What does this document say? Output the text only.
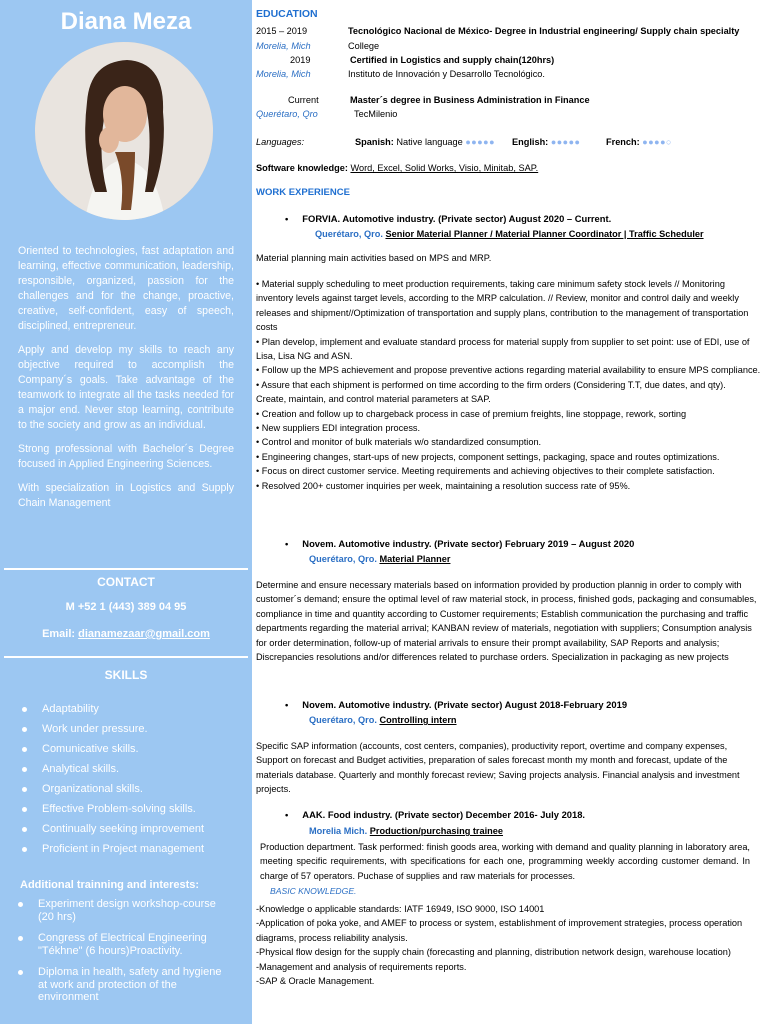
Diana Meza

Oriented to technologies, fast adaptation and learning, effective communication, leadership, responsible, organized, passion for the challenges and for the change, proactive, creative, self-confident, easy of speech, disciplined, entrepreneur.

Apply and develop my skills to reach any objective required to accomplish the Company´s goals. Take advantage of the teamwork to integrate all the tasks needed for a major end. Never stop learning, contribute to the society and grow as an individual.

Strong professional with Bachelor´s Degree focused in Applied Engineering Sciences.

With specialization in Logistics and Supply Chain Management

CONTACT
M +52 1 (443) 389 04 95
Email: dianamezaar@gmail.com
SKILLS
Adaptability
Work under pressure.
Comunicative skills.
Analytical skills.
Organizational skills.
Effective Problem-solving skills.
Continually seeking improvement
Proficient in Project management
Additional trainning and interests:
Experiment design workshop-course (20 hrs)
Congress of Electrical Engineering "Tékhne" (6 hours)Proactivity.
Diploma in health, safety and hygiene at work and protection of the environment
EDUCATION
2015 – 2019	Tecnológico Nacional de México- Degree in Industrial engineering/ Supply chain specialty
Morelia, Mich	College
2019	Certified in Logistics and supply chain(120hrs)
Morelia, Mich	Instituto de Innovación y Desarrollo Tecnológico.
Current	Master´s degree in Business Administration in Finance
Querétaro, Qro	TecMilenio
Languages:	Spanish: Native language ●●●●● English: ●●●●●	French: ●●●●○
Software knowledge: Word, Excel, Solid Works, Visio, Minitab, SAP.
WORK EXPERIENCE
• FORVIA. Automotive industry. (Private sector) August 2020 – Current.
Querétaro, Qro. Senior Material Planner / Material Planner Coordinator | Traffic Scheduler
Material planning main activities based on MPS and MRP.
• Material supply scheduling to meet production requirements, taking care minimum safety stock levels // Monitoring inventory levels against target levels, according to the MRP calculation. // Review, monitor and control daily and weekly releases and shipment//Optimization of transportation and supply plans, contribution to the management of transportation costs
• Plan develop, implement and evaluate standard process for material supply from supplier to set point: use of EDI, use of Lisa, Lisa NG and ASN.
• Follow up the MPS achievement and propose preventive actions regarding material availability to ensure MPS compliance.
• Assure that each shipment is performed on time according to the firm orders (Considering T.T, due dates, and qty).
Create, maintain, and control material parameters at SAP.
• Creation and follow up to chargeback process in case of premium freights, line stoppage, rework, sorting
• New suppliers EDI integration process.
• Control and monitor of bulk materials w/o standardized consumption.
• Engineering changes, start-ups of new projects, component settings, packaging, space and routes optimizations.
• Focus on direct customer service. Meeting requirements and achieving objectives to their complete satisfaction.
• Resolved 200+ customer inquiries per week, maintaining a resolution success rate of 95%.
• Novem. Automotive industry. (Private sector) February 2019 – August 2020
Querétaro, Qro. Material Planner
Determine and ensure necessary materials based on information provided by production plannig in order to comply with customer´s demand; ensure the optimal level of raw material stock, in process, finished gods, packaging and consumables, compliance in time and quantity according to Customer requirements; Establish communication the purchasing and traffic departments regarding the material arrival; KANBAN review of materials, negotiation with suppliers; Consumption analysis for order determination, follow-up of material arrivals to ensure their prompt availability, SAP Reports and analysis; Discrepancies resolutions and/or differences related to purchase orders. Specialization in packaging as new projects
• Novem. Automotive industry. (Private sector) August 2018-February 2019
Querétaro, Qro. Controlling intern
Specific SAP information (accounts, cost centers, companies), productivity report, overtime and company expenses, Support on forecast and Budget activities, preparation of sales forecast month my month and forecast, update of the materials database. Quarterly and monthly forecast review; Saving projects analysis. Financial analysis and investment projects.
• AAK. Food industry. (Private sector) December 2016- July 2018.
Morelia Mich. Production/purchasing trainee
Production department. Task performed: finish goods area, working with demand and quality planning in laboratory area, meeting specific requirements, with specifications for each one, programming weekly according customer demand. In charge of 57 operators. Puchase of supplies and raw materials for processes.
BASIC KNOWLEDGE.
-Knowledge o applicable standards: IATF 16949, ISO 9000, ISO 14001
-Application of poka yoke, and AMEF to process or system, establishment of improvement strategies, process operation diagrams, process reliability analysis.
-Physical flow design for the supply chain (forecasting and planning, distribution network design, warehouse location)
-Management and analysis of requirements reports.
-SAP & Oracle Management.
